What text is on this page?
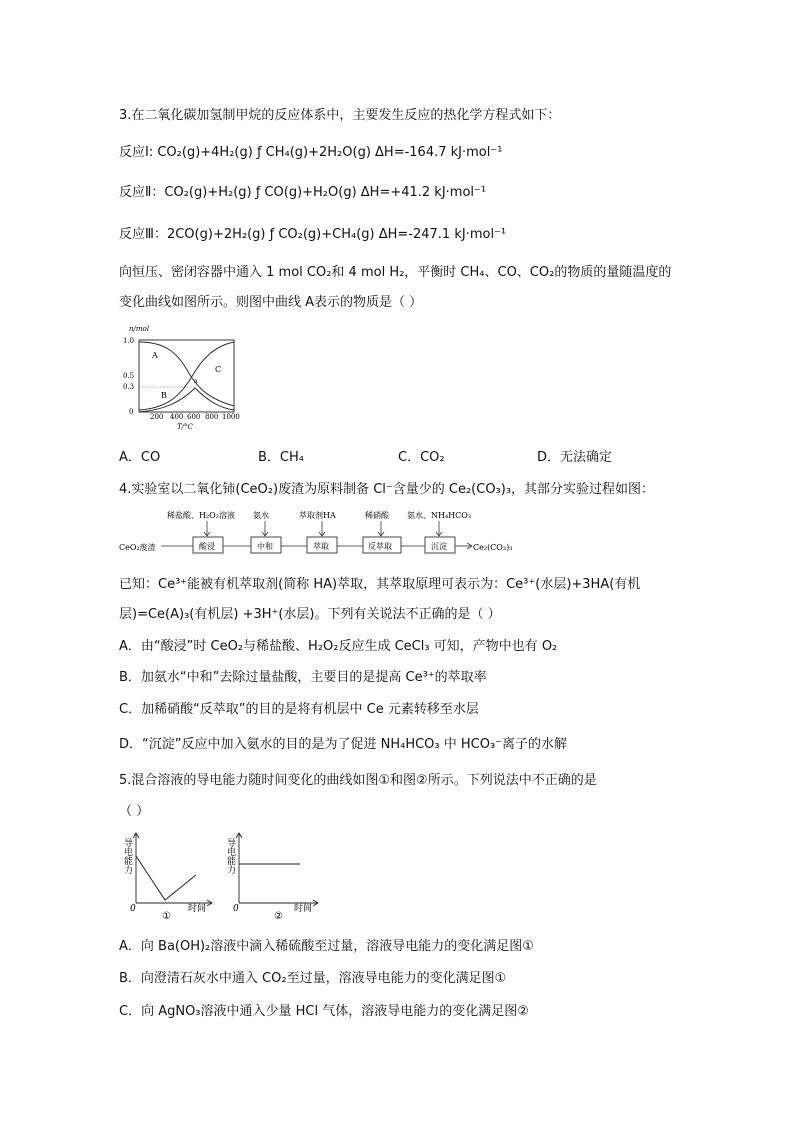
3.在二氧化碳加氢制甲烷的反应体系中，主要发生反应的热化学方程式如下：
反应Ⅰ: CO₂(g)+4H₂(g) ƒ CH₄(g)+2H₂O(g) ΔH=-164.7 kJ·mol⁻¹
反应Ⅱ：CO₂(g)+H₂(g) ƒ CO(g)+H₂O(g) ΔH=+41.2 kJ·mol⁻¹
反应Ⅲ：2CO(g)+2H₂(g) ƒ CO₂(g)+CH₄(g) ΔH=-247.1 kJ·mol⁻¹
向恒压、密闭容器中通入 1 mol CO₂和 4 mol H₂，平衡时 CH₄、CO、CO₂的物质的量随温度的
变化曲线如图所示。则图中曲线 A表示的物质是（ ）
n/mol
1.0
0.5
0.3
0
A
B
C
a
200 400 600 800 1000
T/°C
A．CO	B．CH₄	C．CO₂	D．无法确定
4.实验室以二氧化铈(CeO₂)废渣为原料制备 Cl⁻含量少的 Ce₂(CO₃)₃，其部分实验过程如图：
稀盐酸、H₂O₂溶液 氨水	萃取剂HA	稀硝酸 氨水、NH₄HCO₃
CeO₂废渣	酸浸	中和	萃取	反萃取	沉淀	Ce₂(CO₃)₃
已知：Ce³⁺能被有机萃取剂(简称 HA)萃取，其萃取原理可表示为：Ce³⁺(水层)+3HA(有机
层)=Ce(A)₃(有机层) +3H⁺(水层)。下列有关说法不正确的是（ ）
A．由“酸浸”时 CeO₂与稀盐酸、H₂O₂反应生成 CeCl₃ 可知，产物中也有 O₂
B．加氨水“中和”去除过量盐酸，主要目的是提高 Ce³⁺的萃取率
C．加稀硝酸“反萃取”的目的是将有机层中 Ce 元素转移至水层
D．“沉淀”反应中加入氨水的目的是为了促进 NH₄HCO₃ 中 HCO₃⁻离子的水解
5.混合溶液的导电能力随时间变化的曲线如图①和图②所示。下列说法中不正确的是
（ ）
导电能力
0	时间
①
导电能力
0	时间
②
A．向 Ba(OH)₂溶液中滴入稀硫酸至过量，溶液导电能力的变化满足图①
B．向澄清石灰水中通入 CO₂至过量，溶液导电能力的变化满足图①
C．向 AgNO₃溶液中通入少量 HCl 气体，溶液导电能力的变化满足图②
